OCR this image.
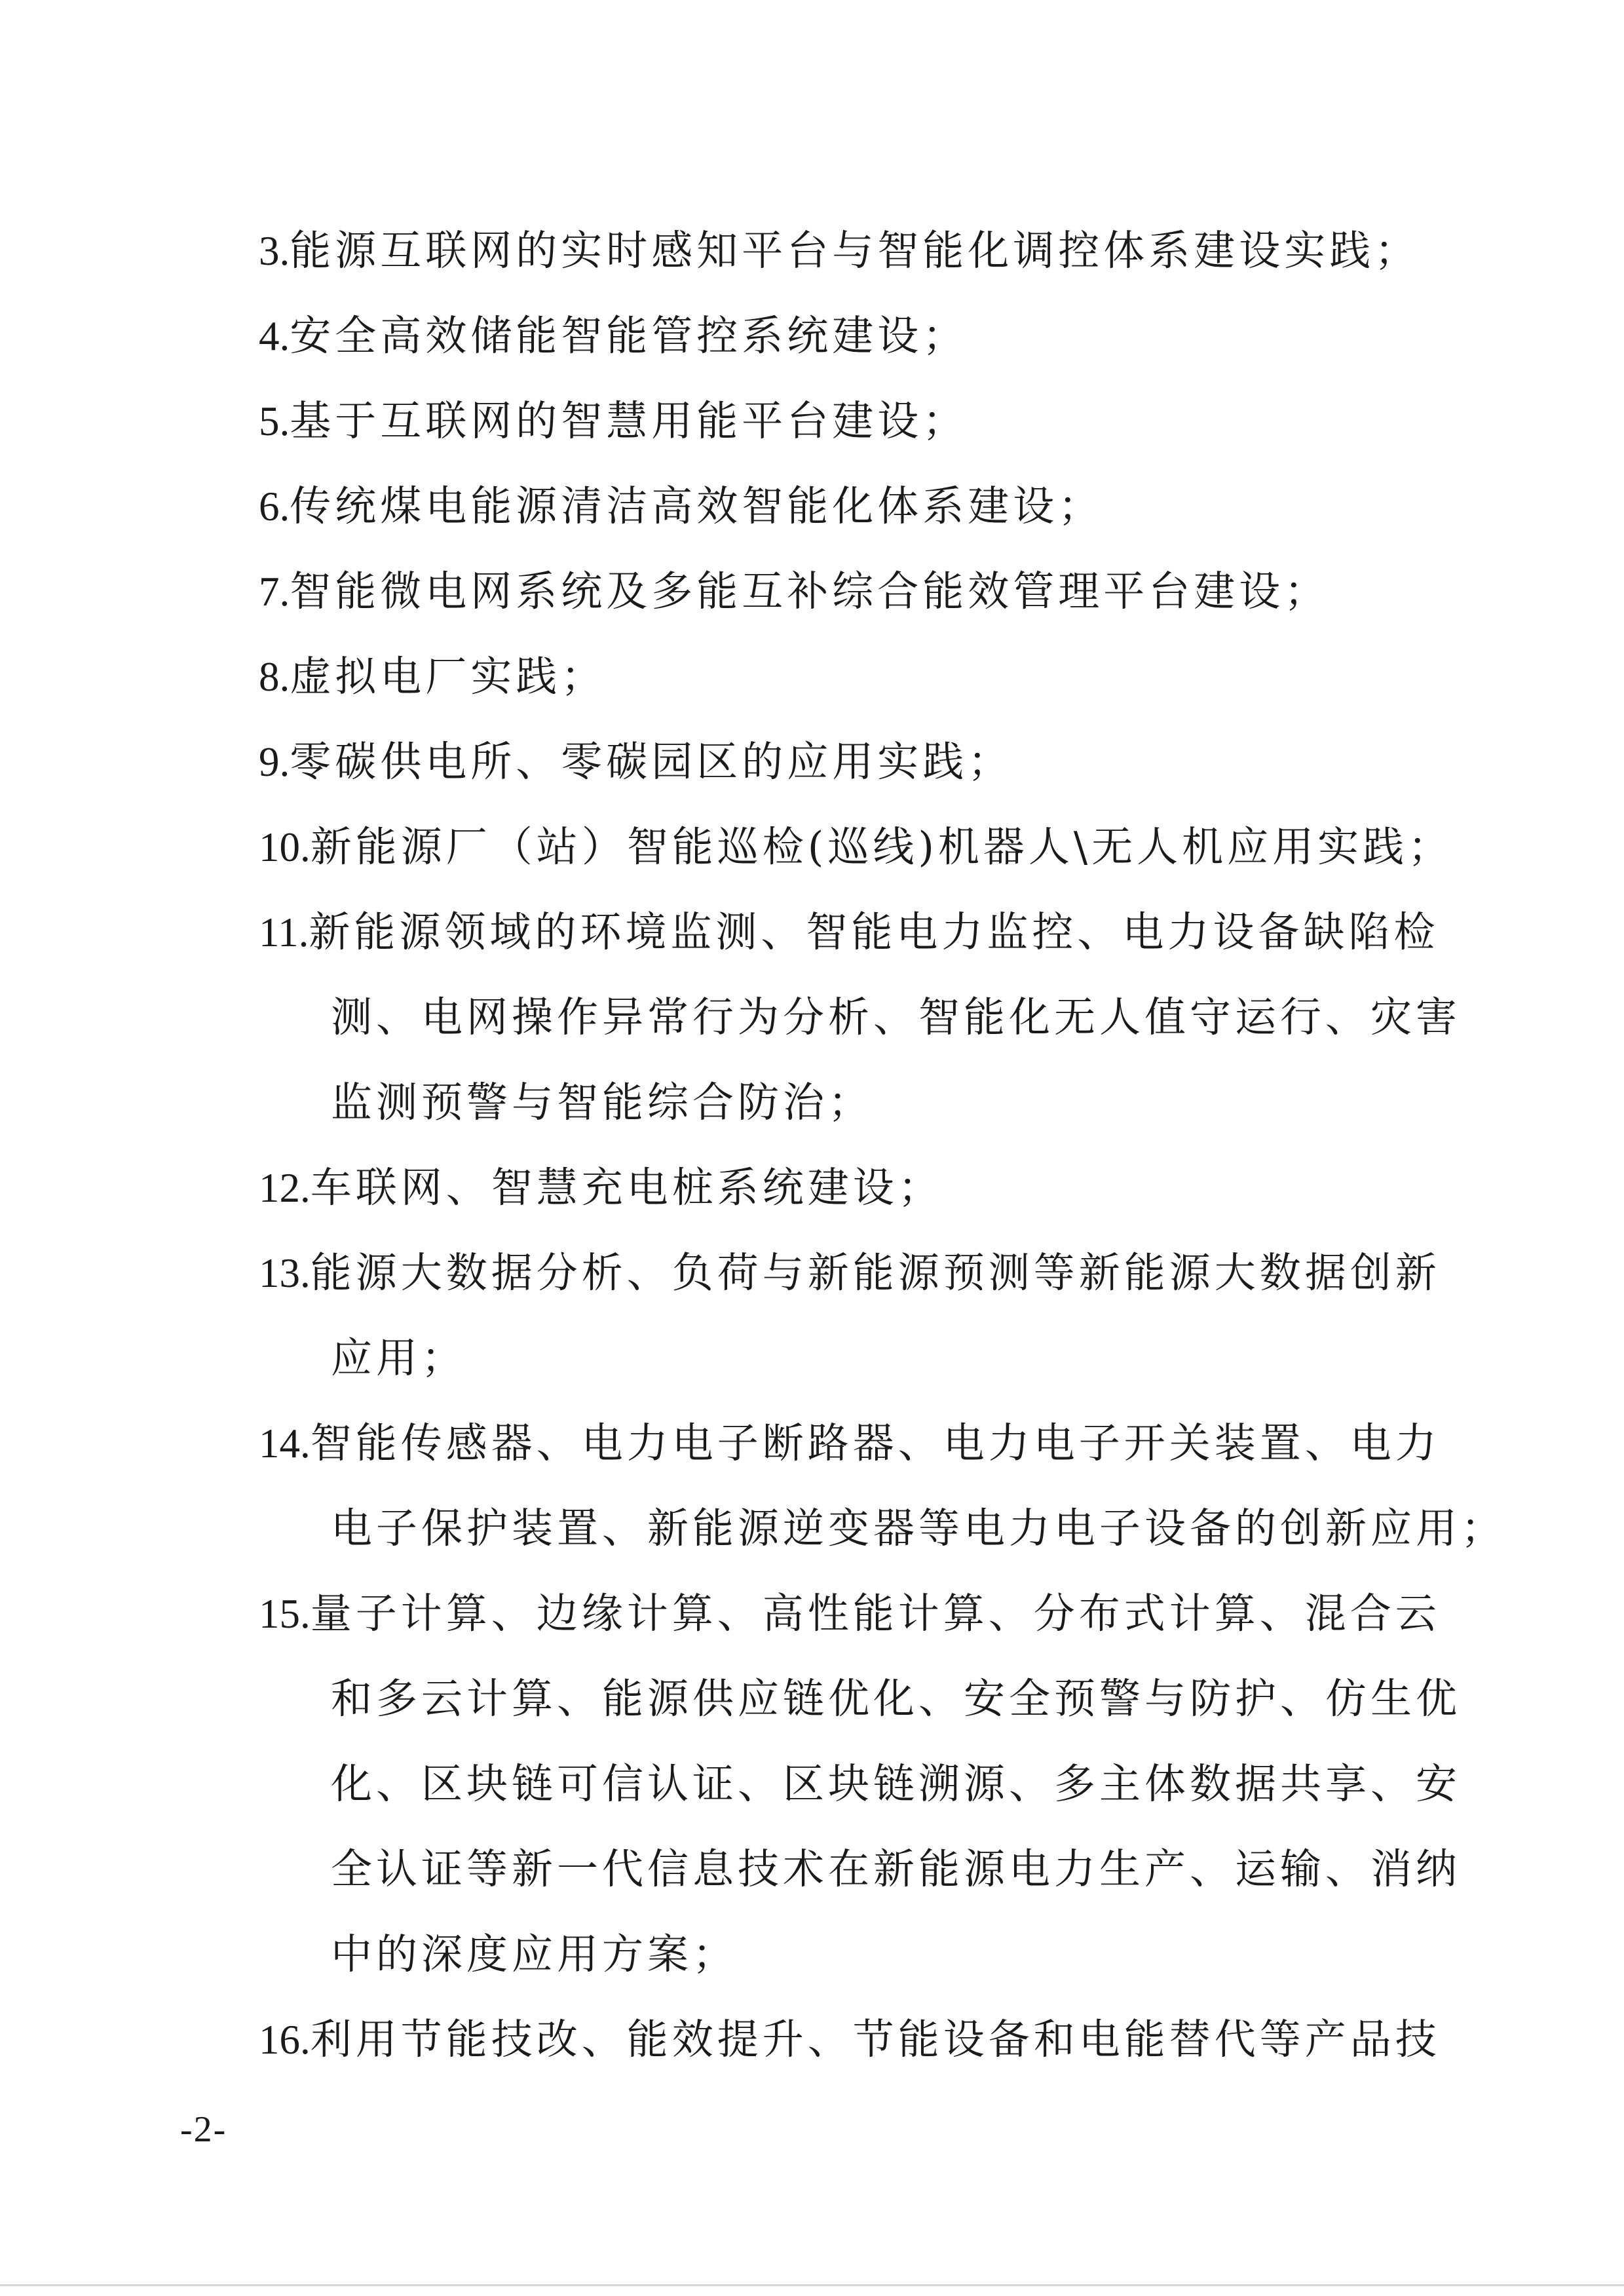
3.能源互联网的实时感知平台与智能化调控体系建设实践；
4.安全高效储能智能管控系统建设；
5.基于互联网的智慧用能平台建设；
6.传统煤电能源清洁高效智能化体系建设；
7.智能微电网系统及多能互补综合能效管理平台建设；
8.虚拟电厂实践；
9.零碳供电所、零碳园区的应用实践；
10.新能源厂（站）智能巡检(巡线)机器人\无人机应用实践；
11.新能源领域的环境监测、智能电力监控、电力设备缺陷检
测、电网操作异常行为分析、智能化无人值守运行、灾害
监测预警与智能综合防治；
12.车联网、智慧充电桩系统建设；
13.能源大数据分析、负荷与新能源预测等新能源大数据创新
应用；
14.智能传感器、电力电子断路器、电力电子开关装置、电力
电子保护装置、新能源逆变器等电力电子设备的创新应用；
15.量子计算、边缘计算、高性能计算、分布式计算、混合云
和多云计算、能源供应链优化、安全预警与防护、仿生优
化、区块链可信认证、区块链溯源、多主体数据共享、安
全认证等新一代信息技术在新能源电力生产、运输、消纳
中的深度应用方案；
16.利用节能技改、能效提升、节能设备和电能替代等产品技
-2-
